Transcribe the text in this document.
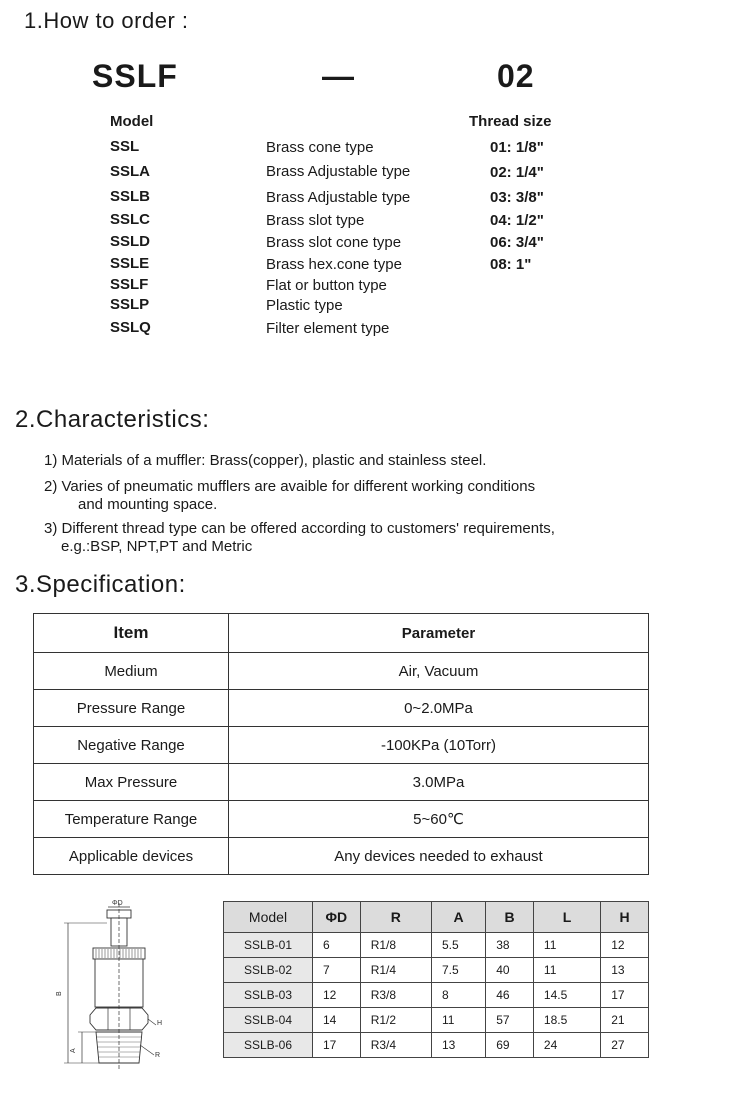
1.How to order :
SSLF	—	02
Model	Thread size
SSL	Brass cone type
SSLA	Brass Adjustable type
SSLB	Brass Adjustable type
SSLC	Brass slot type
SSLD	Brass slot cone type
SSLE	Brass hex.cone type
SSLF	Flat or button type
SSLP	Plastic type
SSLQ	Filter element type
01: 1/8"
02: 1/4"
03: 3/8"
04: 1/2"
06: 3/4"
08: 1"
2.Characteristics:
1) Materials of a muffler: Brass(copper), plastic and stainless steel.
2) Varies of pneumatic mufflers are avaible for different working conditions
and mounting space.
3) Different thread type can be offered according to customers' requirements,
e.g.:BSP, NPT,PT and Metric
3.Specification:
Item	Parameter
Medium	Air, Vacuum
Pressure Range	0~2.0MPa
Negative Range	-100KPa (10Torr)
Max Pressure	3.0MPa
Temperature Range	5~60℃
Applicable devices	Any devices needed to exhaust
ΦD
B
A
H
R
Model	ΦD	R	A	B	L	H
SSLB-01	6	R1/8	5.5	38	11	12
SSLB-02	7	R1/4	7.5	40	11	13
SSLB-03	12	R3/8	8	46	14.5	17
SSLB-04	14	R1/2	11	57	18.5	21
SSLB-06	17	R3/4	13	69	24	27
